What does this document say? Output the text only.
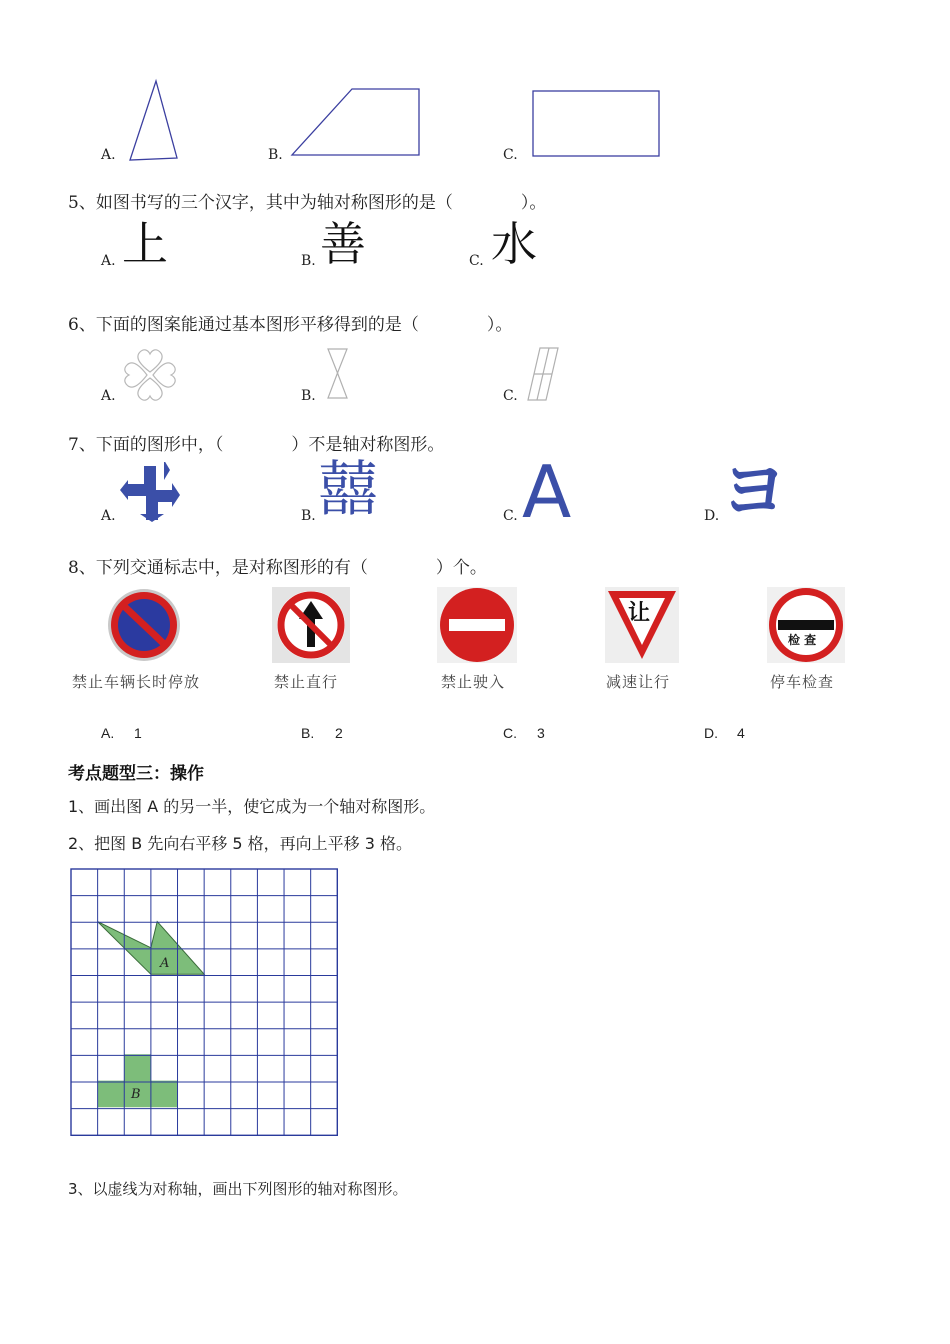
A.	B.	C.
5、如图书写的三个汉字，其中为轴对称图形的是（　　　　）。
A. 上	B. 善	C. 水
6、下面的图案能通过基本图形平移得到的是（　　　　）。
A.	B.	C.
7、下面的图形中，（　　　　）不是轴对称图形。
A.	B. 囍	C. A	D. ヨ
8、下列交通标志中，是对称图形的有（　　　　）个。
禁止车辆长时停放	禁止直行	禁止驶入
让
减速让行
检 查
停车检查
A. 1	B. 2	C. 3	D. 4
考点题型三：操作
1、画出图 A 的另一半，使它成为一个轴对称图形。
2、把图 B 先向右平移 5 格，再向上平移 3 格。
A
B
3、以虚线为对称轴，画出下列图形的轴对称图形。
